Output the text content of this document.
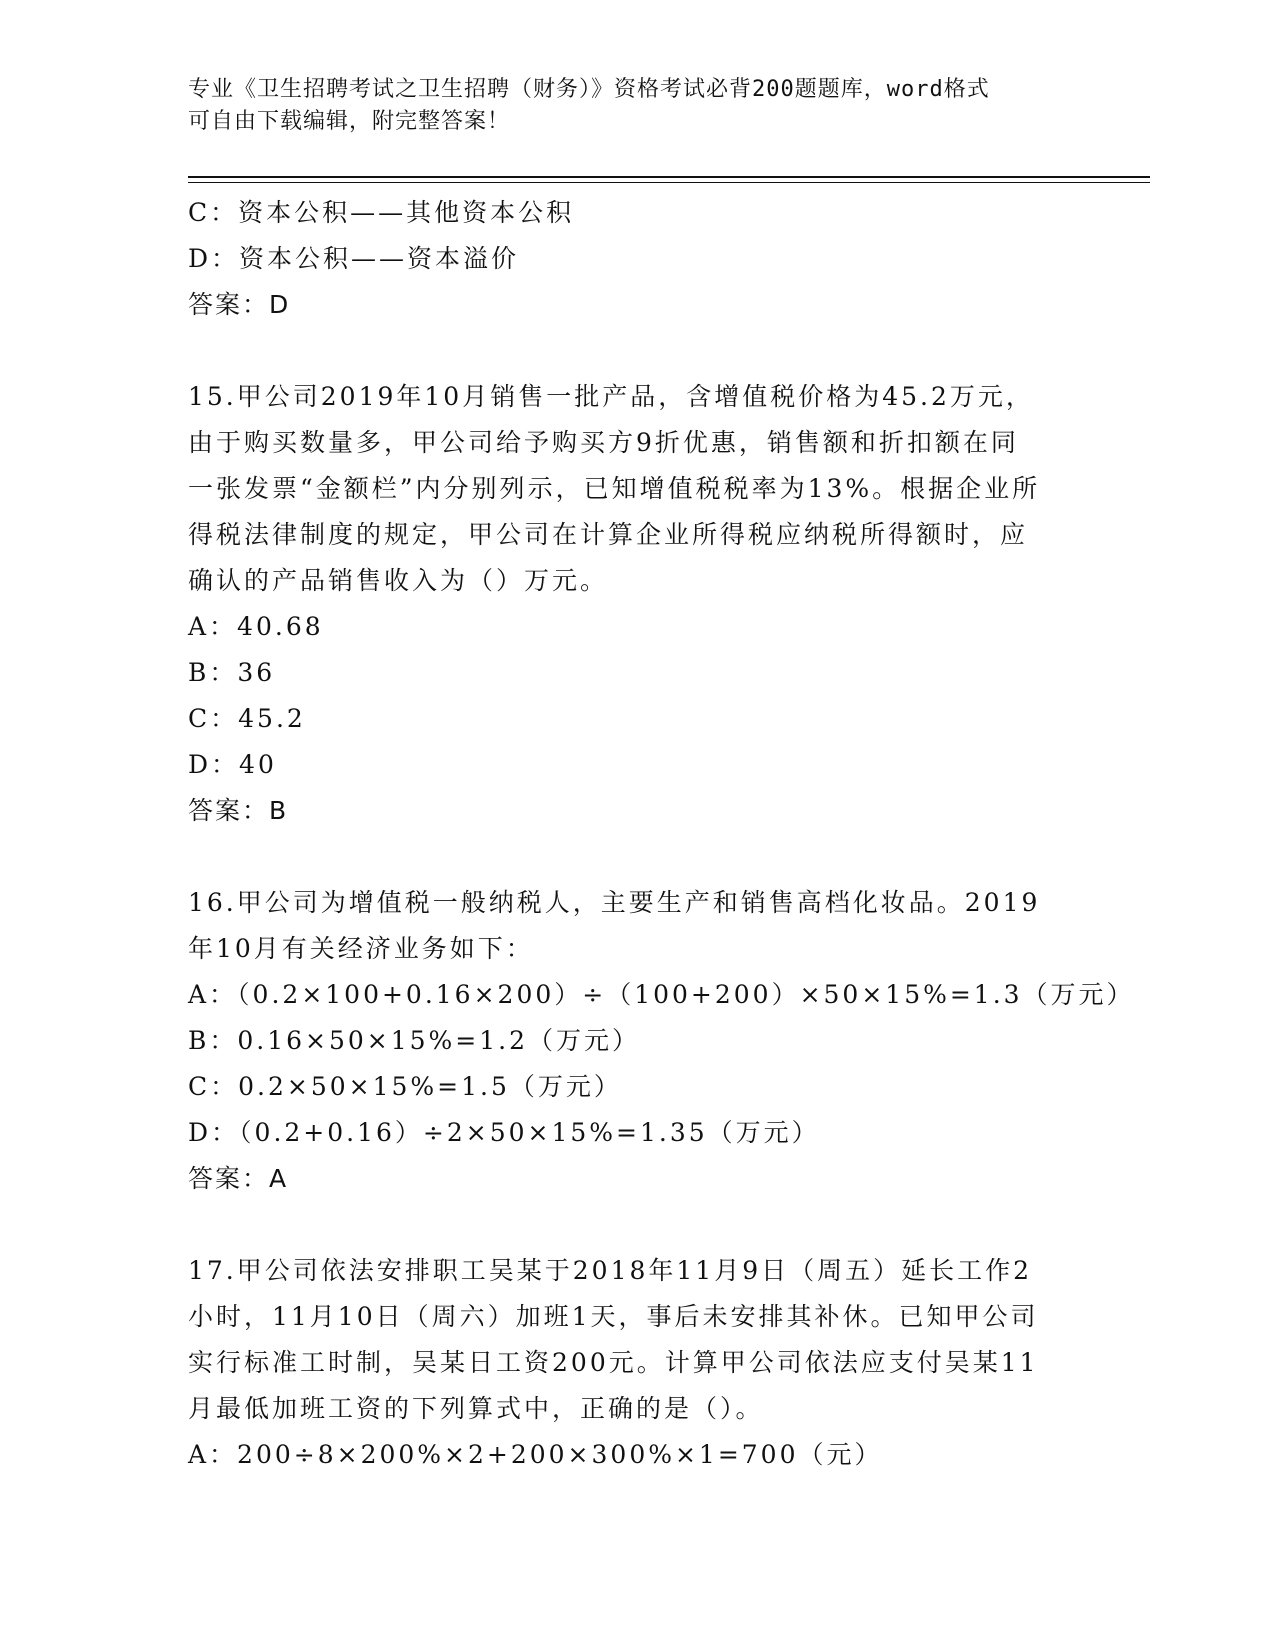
专业《卫生招聘考试之卫生招聘（财务）》资格考试必背200题题库，word格式
可自由下载编辑，附完整答案！
C：资本公积——其他资本公积
D：资本公积——资本溢价
答案：D
15.甲公司2019年10月销售一批产品，含增值税价格为45.2万元，
由于购买数量多，甲公司给予购买方9折优惠，销售额和折扣额在同
一张发票“金额栏”内分别列示，已知增值税税率为13%。根据企业所
得税法律制度的规定，甲公司在计算企业所得税应纳税所得额时，应
确认的产品销售收入为（）万元。
A：40.68
B：36
C：45.2
D：40
答案：B
16.甲公司为增值税一般纳税人，主要生产和销售高档化妆品。2019
年10月有关经济业务如下：
A：（0.2×100+0.16×200）÷（100+200）×50×15%=1.3（万元）
B：0.16×50×15%=1.2（万元）
C：0.2×50×15%=1.5（万元）
D：（0.2+0.16）÷2×50×15%=1.35（万元）
答案：A
17.甲公司依法安排职工吴某于2018年11月9日（周五）延长工作2
小时，11月10日（周六）加班1天，事后未安排其补休。已知甲公司
实行标准工时制，吴某日工资200元。计算甲公司依法应支付吴某11
月最低加班工资的下列算式中，正确的是（）。
A：200÷8×200%×2+200×300%×1=700（元）
